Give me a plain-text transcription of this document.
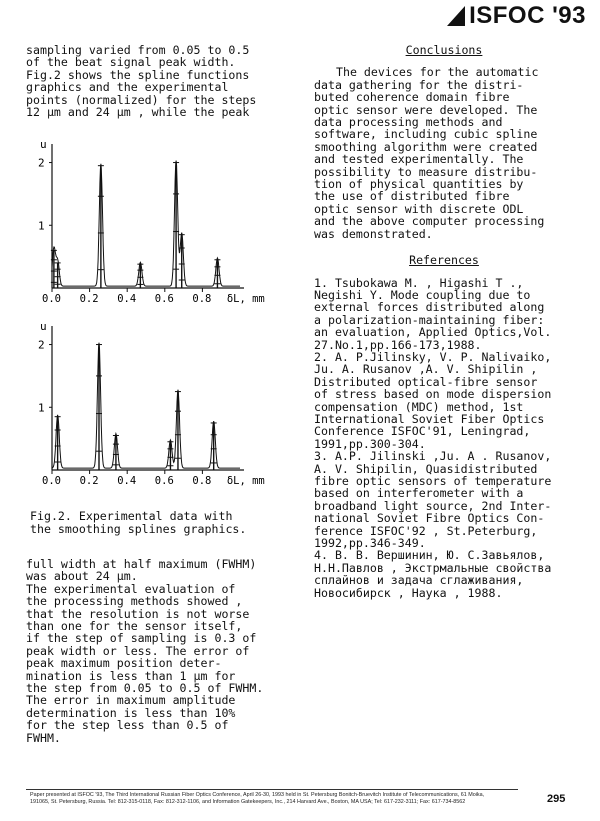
ISFOC '93

sampling varied from 0.05 to 0.5

of the beat signal peak width.

Fig.2 shows the spline functions

graphics and the experimental

points (normalized) for the steps

12 μm and 24 μm , while the peak

u
2
1
0.0 0.2 0.4 0.6 0.8 δL, mm
u
2
1
0.0 0.2 0.4 0.6 0.8 δL, mm
Fig.2. Experimental data with
the smoothing splines graphics.

full width at half maximum (FWHM)

was about 24 μm.

The experimental evaluation of

the processing methods showed ,

that the resolution is not worse

than one for the sensor itself,

if the step of sampling is 0.3 of

peak width or less. The error of

peak maximum position deter-

mination is less than 1 μm for

the step from 0.05 to 0.5 of FWHM.

The error in maximum amplitude

determination is less than 10%

for the step less than 0.5 of

FWHM.

Conclusions

The devices for the automatic

data gathering for the distri-

buted coherence domain fibre

optic sensor were developed. The

data processing methods and

software, including cubic spline

smoothing algorithm were created

and tested experimentally. The

possibility to measure distribu-

tion of physical quantities by

the use of distributed fibre

optic sensor with discrete ODL

and the above computer processing

was demonstrated.

References

1. Tsubokawa M. , Higashi T .,

Negishi Y. Mode coupling due to

external forces distributed along

a polarization-maintaining fiber:

an evaluation, Applied Optics,Vol.

27.No.1,pp.166-173,1988.

2. A. P.Jilinsky, V. P. Nalivaiko,

Ju. A. Rusanov ,A. V. Shipilin ,

Distributed optical-fibre sensor

of stress based on mode dispersion

compensation (MDC) method, 1st

International Soviet Fiber Optics

Conference ISFOC'91, Leningrad,

1991,pp.300-304.

3. A.P. Jilinski ,Ju. A . Rusanov,

A. V. Shipilin, Quasidistributed

fibre optic sensors of temperature

based on interferometer with a

broadband light source, 2nd Inter-

national Soviet Fibre Optics Con-

ference ISFOC'92 , St.Peterburg,

1992,pp.346-349.

4. В. В. Вершинин, Ю. С.Завьялов,

Н.Н.Павлов , Экстрмальные свойства

сплайнов и задача сглаживания,

Новосибирск , Наука , 1988.

Paper presented at ISFOC '93, The Third International Russian Fiber Optics Conference, April 26-30, 1993 held in St. Petersburg Bonitch-Bruevitch Institute of Telecommunications, 61 Moika,
191065, St. Petersburg, Russia. Tel: 812-315-0118, Fax: 812-312-1106, and Information Gatekeepers, Inc., 214 Harvard Ave., Boston, MA USA; Tel: 617-232-3111; Fax: 617-734-8562	295
